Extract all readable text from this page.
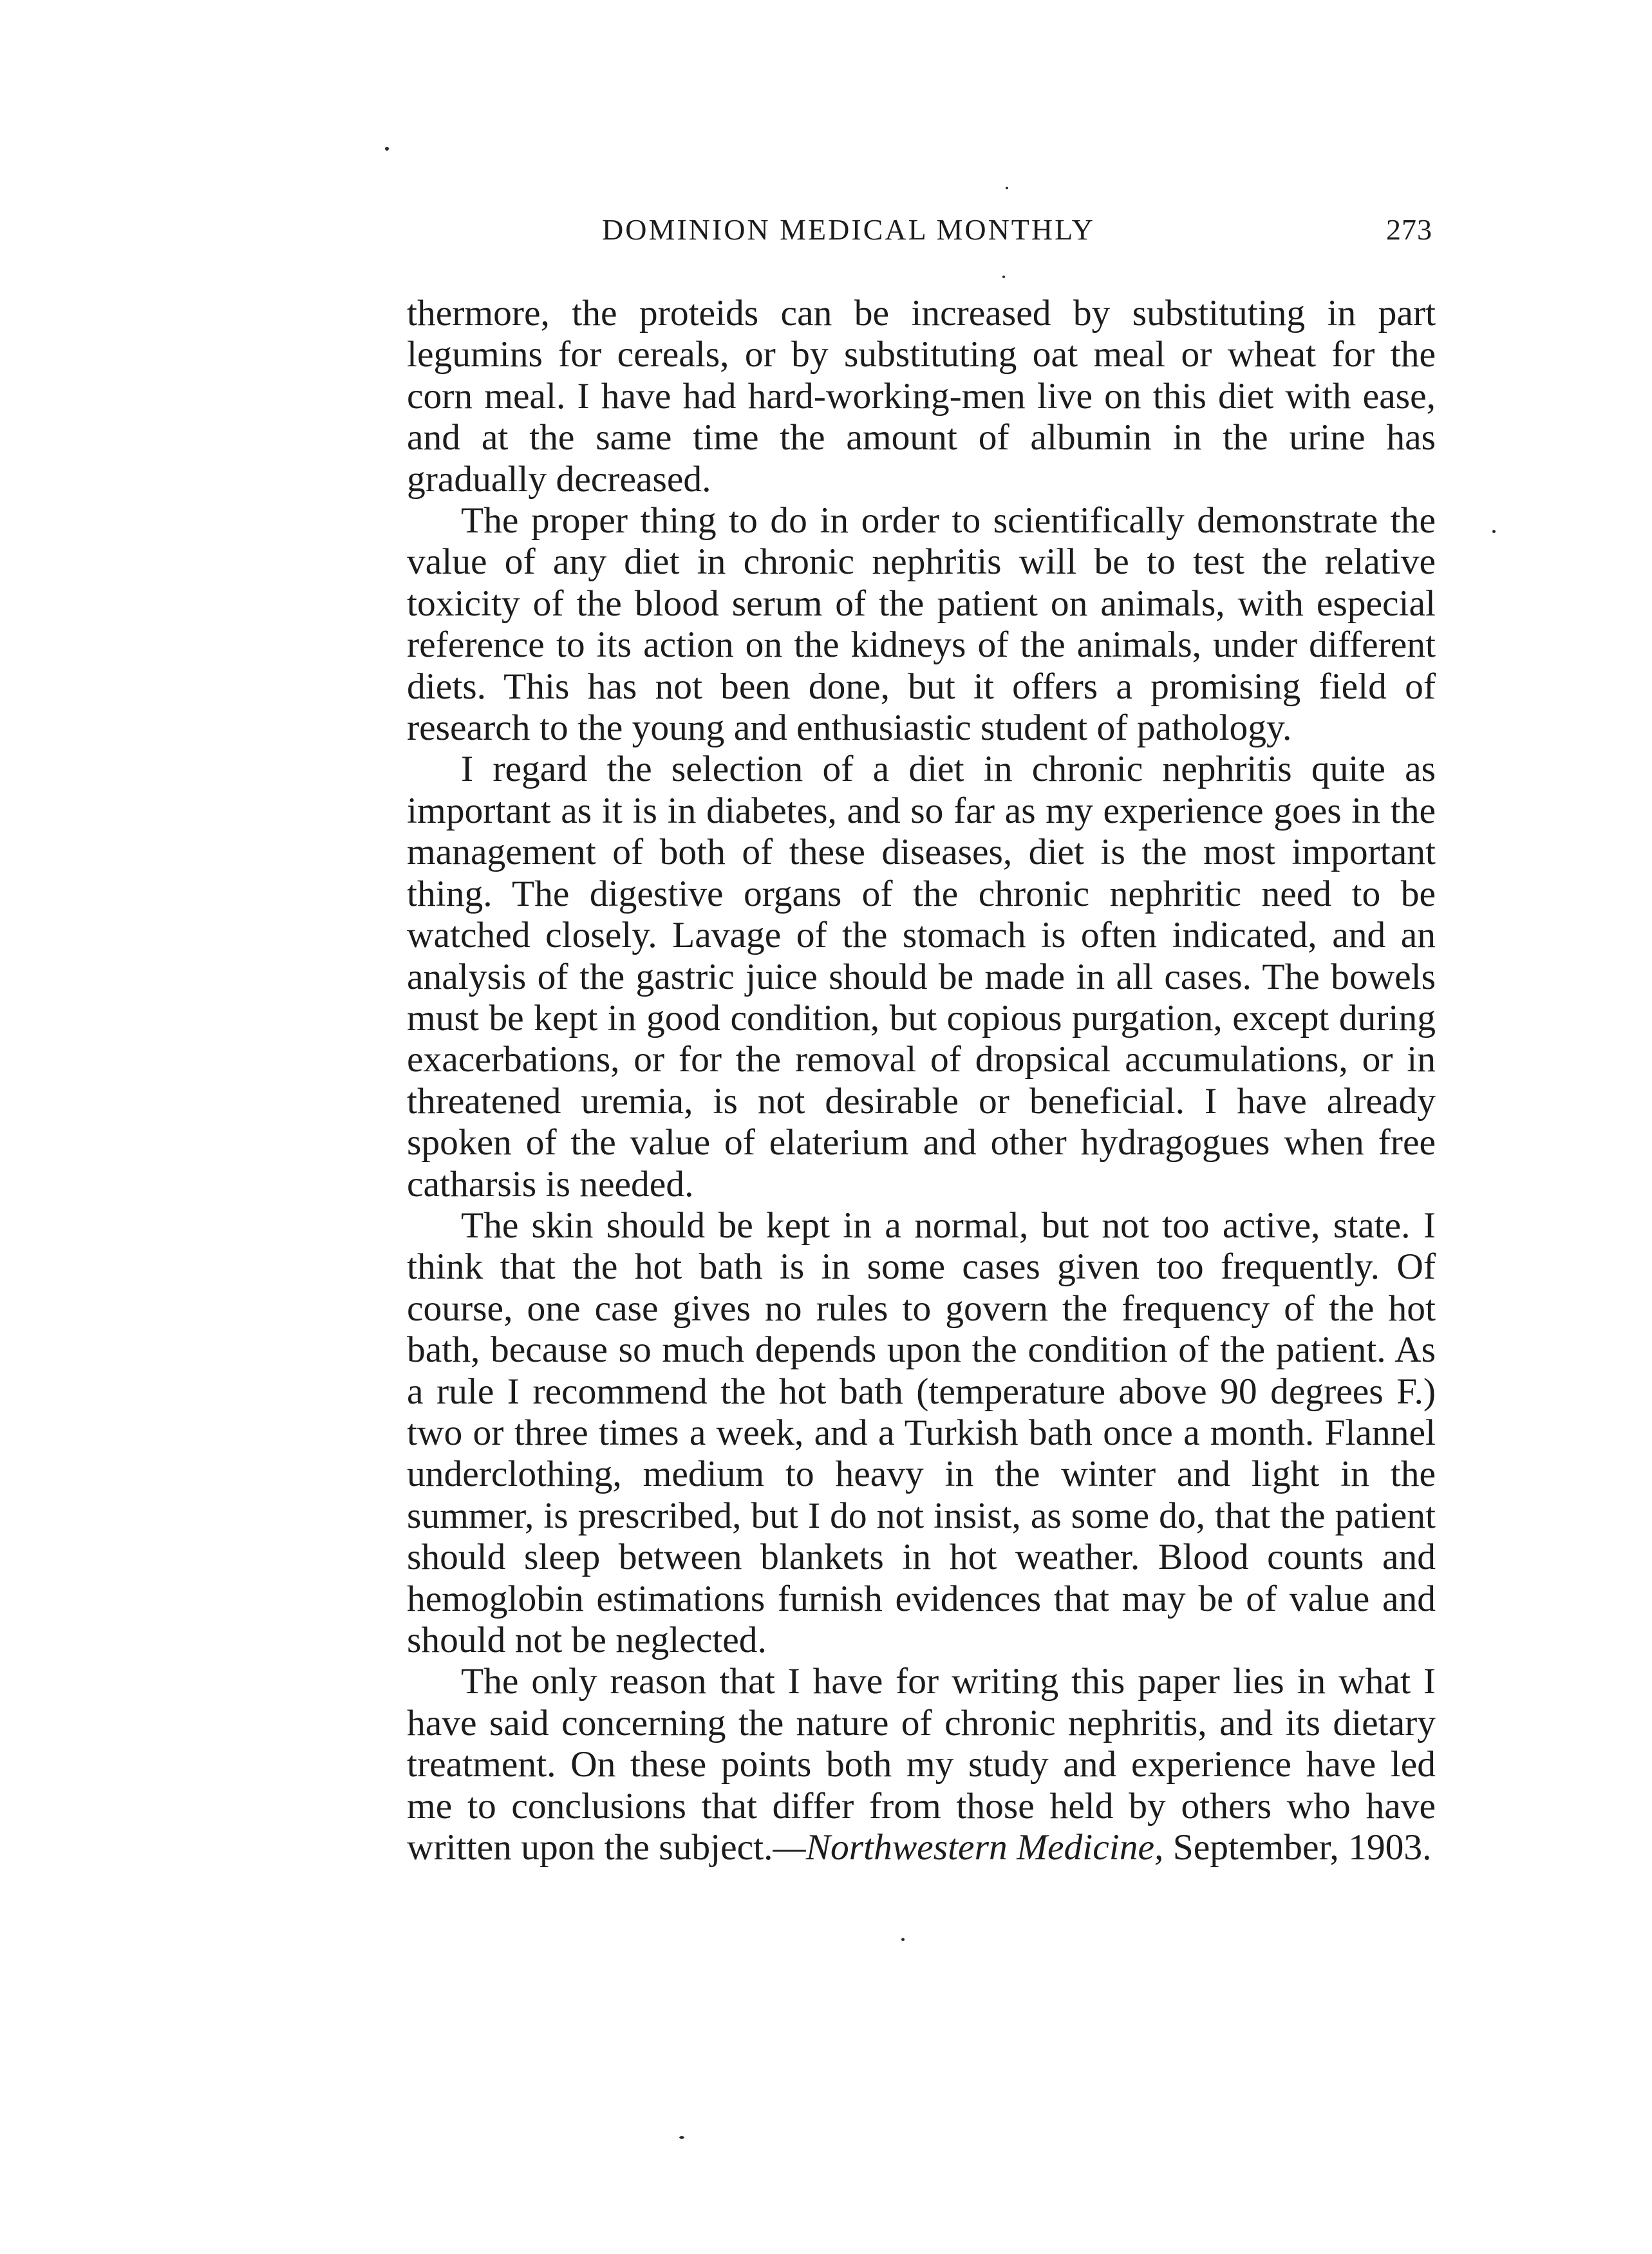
DOMINION MEDICAL MONTHLY	273

thermore, the proteids can be increased by substituting in part legumins for cereals, or by substituting oat meal or wheat for the corn meal. I have had hard-working-men live on this diet with ease, and at the same time the amount of albumin in the urine has gradually decreased.

The proper thing to do in order to scientifically demonstrate the value of any diet in chronic nephritis will be to test the relative toxicity of the blood serum of the patient on animals, with especial reference to its action on the kidneys of the animals, under different diets. This has not been done, but it offers a promising field of research to the young and enthusiastic student of pathology.

I regard the selection of a diet in chronic nephritis quite as important as it is in diabetes, and so far as my experience goes in the management of both of these diseases, diet is the most important thing. The digestive organs of the chronic nephritic need to be watched closely. Lavage of the stomach is often indicated, and an analysis of the gastric juice should be made in all cases. The bowels must be kept in good condition, but copious purgation, except during exacerbations, or for the removal of dropsical accumulations, or in threatened uremia, is not desirable or beneficial. I have already spoken of the value of elaterium and other hydragogues when free catharsis is needed.

The skin should be kept in a normal, but not too active, state. I think that the hot bath is in some cases given too frequently. Of course, one case gives no rules to govern the frequency of the hot bath, because so much depends upon the condition of the patient. As a rule I recommend the hot bath (temperature above 90 degrees F.) two or three times a week, and a Turkish bath once a month. Flannel underclothing, medium to heavy in the winter and light in the summer, is prescribed, but I do not insist, as some do, that the patient should sleep between blankets in hot weather. Blood counts and hemoglobin estimations furnish evidences that may be of value and should not be neglected.

The only reason that I have for writing this paper lies in what I have said concerning the nature of chronic nephritis, and its dietary treatment. On these points both my study and experience have led me to conclusions that differ from those held by others who have written upon the subject.—Northwestern Medicine, September, 1903.
